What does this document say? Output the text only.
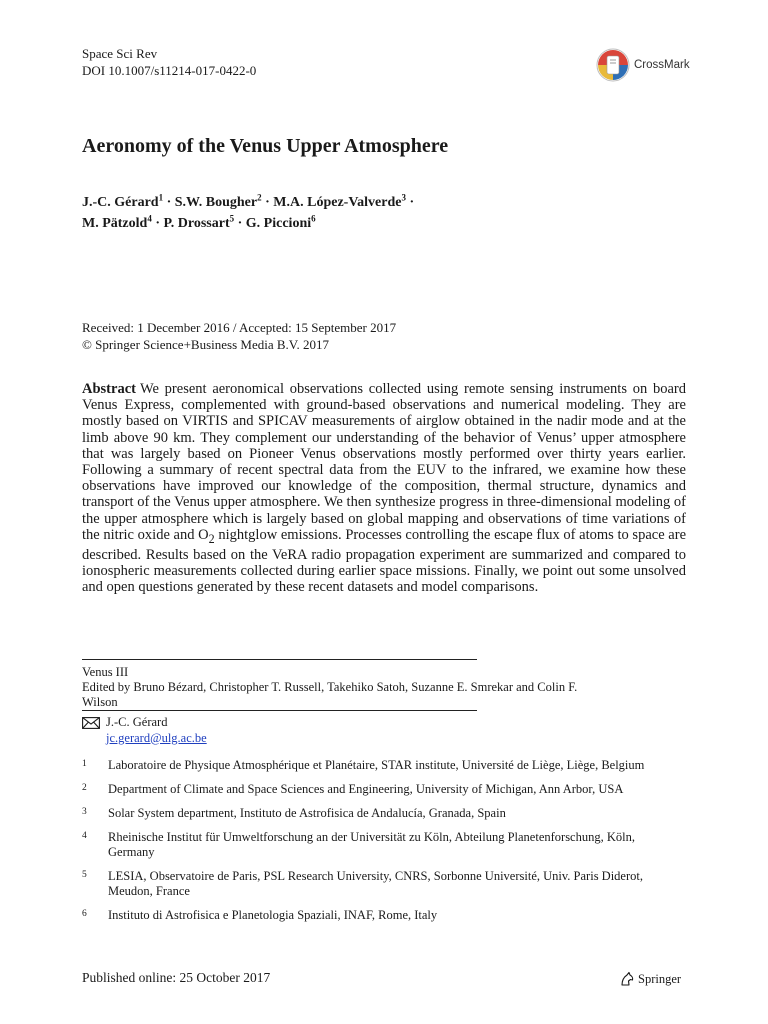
Space Sci Rev
DOI 10.1007/s11214-017-0422-0	CrossMark
Aeronomy of the Venus Upper Atmosphere
J.-C. Gérard$^1$ · S.W. Bougher$^2$ · M.A. López-Valverde$^3$ ·
M. Pätzold$^4$ · P. Drossart$^5$ · G. Piccioni$^6$
Received: 1 December 2016 / Accepted: 15 September 2017
© Springer Science+Business Media B.V. 2017

Abstract We present aeronomical observations collected using remote sensing instruments on board Venus Express, complemented with ground-based observations and numerical modeling. They are mostly based on VIRTIS and SPICAV measurements of airglow obtained in the nadir mode and at the limb above 90 km. They complement our understanding of the behavior of Venus’ upper atmosphere that was largely based on Pioneer Venus observations mostly performed over thirty years earlier. Following a summary of recent spectral data from the EUV to the infrared, we examine how these observations have improved our knowledge of the composition, thermal structure, dynamics and transport of the Venus upper atmosphere. We then synthesize progress in three-dimensional modeling of the upper atmosphere which is largely based on global mapping and observations of time variations of the nitric oxide and $O_2$ nightglow emissions. Processes controlling the escape flux of atoms to space are described. Results based on the VeRA radio propagation experiment are summarized and compared to ionospheric measurements collected during earlier space missions. Finally, we point out some unsolved and open questions generated by these recent datasets and model comparisons.

Venus III
Edited by Bruno Bézard, Christopher T. Russell, Takehiko Satoh, Suzanne E. Smrekar and Colin F. Wilson
J.-C. Gérard
jc.gerard@ulg.ac.be
1	Laboratoire de Physique Atmosphérique et Planétaire, STAR institute, Université de Liège, Liège, Belgium
2	Department of Climate and Space Sciences and Engineering, University of Michigan, Ann Arbor, USA
3	Solar System department, Instituto de Astrofisica de Andalucía, Granada, Spain
4	Rheinische Institut für Umweltforschung an der Universität zu Köln, Abteilung Planetenforschung, Köln, Germany
5	LESIA, Observatoire de Paris, PSL Research University, CNRS, Sorbonne Université, Univ. Paris Diderot, Meudon, France
6	Instituto di Astrofisica e Planetologia Spaziali, INAF, Rome, Italy
Published online: 25 October 2017	Springer
